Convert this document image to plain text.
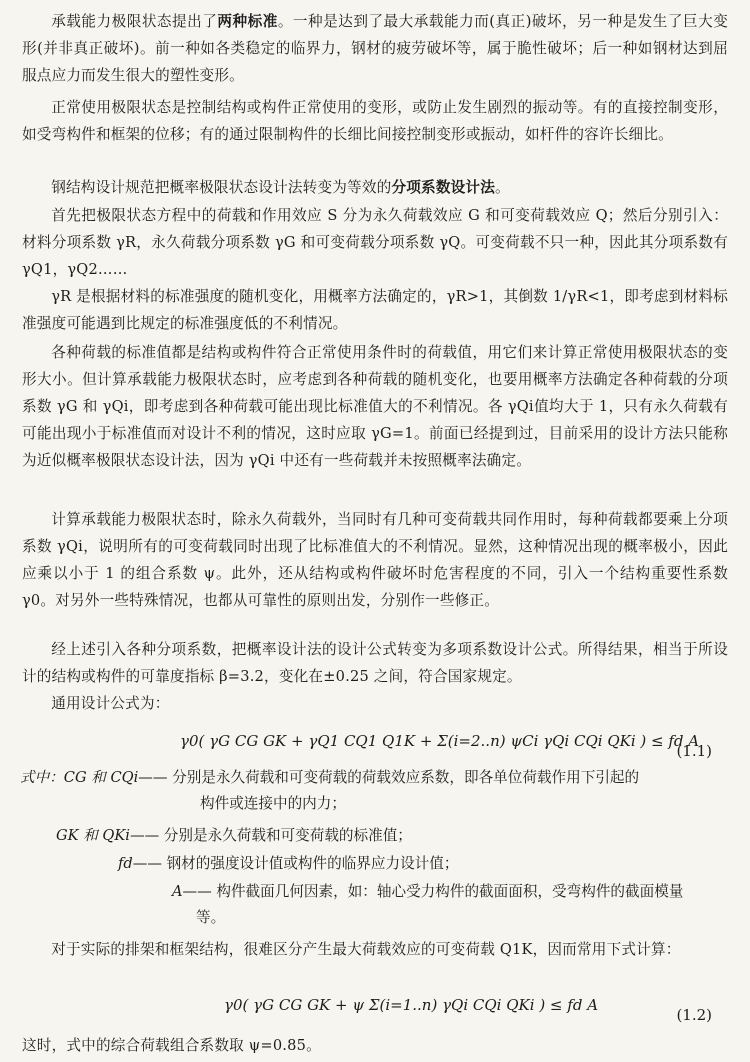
承载能力极限状态提出了两种标准。一种是达到了最大承载能力而(真正)破坏，另一种是发生了巨大变形(并非真正破坏)。前一种如各类稳定的临界力，钢材的疲劳破坏等，属于脆性破坏；后一种如钢材达到屈服点应力而发生很大的塑性变形。

正常使用极限状态是控制结构或构件正常使用的变形，或防止发生剧烈的振动等。有的直接控制变形，如受弯构件和框架的位移；有的通过限制构件的长细比间接控制变形或振动，如杆件的容许长细比。

钢结构设计规范把概率极限状态设计法转变为等效的分项系数设计法。

首先把极限状态方程中的荷载和作用效应 S 分为永久荷载效应 G 和可变荷载效应 Q；然后分别引入：材料分项系数 γR，永久荷载分项系数 γG 和可变荷载分项系数 γQ。可变荷载不只一种，因此其分项系数有 γQ1，γQ2……

γR 是根据材料的标准强度的随机变化，用概率方法确定的，γR>1，其倒数 1/γR<1，即考虑到材料标准强度可能遇到比规定的标准强度低的不利情况。

各种荷载的标准值都是结构或构件符合正常使用条件时的荷载值，用它们来计算正常使用极限状态的变形大小。但计算承载能力极限状态时，应考虑到各种荷载的随机变化，也要用概率方法确定各种荷载的分项系数 γG 和 γQi，即考虑到各种荷载可能出现比标准值大的不利情况。各 γQi值均大于 1，只有永久荷载有可能出现小于标准值而对设计不利的情况，这时应取 γG=1。前面已经提到过，目前采用的设计方法只能称为近似概率极限状态设计法，因为 γQi 中还有一些荷载并未按照概率法确定。

计算承载能力极限状态时，除永久荷载外，当同时有几种可变荷载共同作用时，每种荷载都要乘上分项系数 γQi，说明所有的可变荷载同时出现了比标准值大的不利情况。显然，这种情况出现的概率极小，因此应乘以小于 1 的组合系数 ψ。此外，还从结构或构件破坏时危害程度的不同，引入一个结构重要性系数 γ0。对另外一些特殊情况，也都从可靠性的原则出发，分别作一些修正。

经上述引入各种分项系数，把概率设计法的设计公式转变为多项系数设计公式。所得结果，相当于所设计的结构或构件的可靠度指标 β=3.2，变化在±0.25 之间，符合国家规定。

通用设计公式为：

γ0( γG CG GK + γQ1 CQ1 Q1K + Σ(i=2..n) ψCi γQi CQi QKi ) ≤ fd A
(1.1)
式中：CG 和 CQi—— 分别是永久荷载和可变荷载的荷载效应系数，即各单位荷载作用下引起的
构件或连接中的内力；
GK 和 QKi—— 分别是永久荷载和可变荷载的标准值；
fd—— 钢材的强度设计值或构件的临界应力设计值；
A—— 构件截面几何因素，如：轴心受力构件的截面面积，受弯构件的截面模量
等。

对于实际的排架和框架结构，很难区分产生最大荷载效应的可变荷载 Q1K，因而常用下式计算：

γ0( γG CG GK + ψ Σ(i=1..n) γQi CQi QKi ) ≤ fd A
(1.2)

这时，式中的综合荷载组合系数取 ψ=0.85。
